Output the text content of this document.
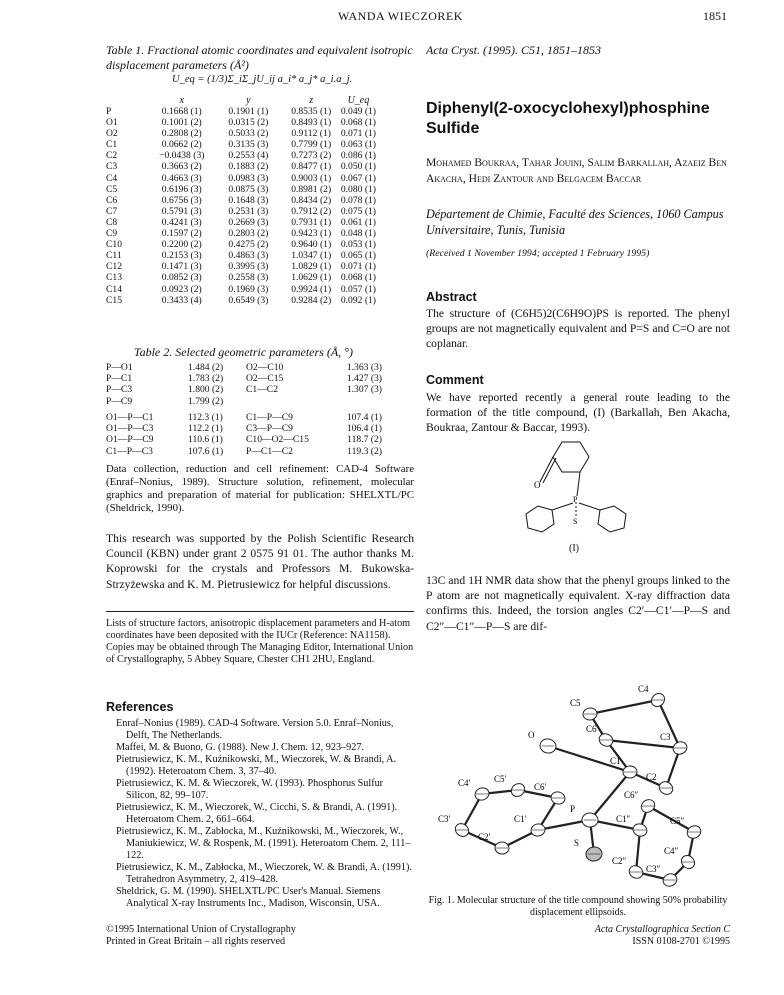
WANDA WIECZOREK	1851
Table 1. Fractional atomic coordinates and equivalent isotropic displacement parameters (Å²)
U_eq = (1/3)Σ_iΣ_jU_ij a_i* a_j* a_i.a_j.
	x	y	z	U_eq
P	0.1668 (1)	0.1901 (1)	0.8535 (1)	0.049 (1)
O1	0.1001 (2)	0.0315 (2)	0.8493 (1)	0.068 (1)
O2	0.2808 (2)	0.5033 (2)	0.9112 (1)	0.071 (1)
C1	0.0662 (2)	0.3135 (3)	0.7799 (1)	0.063 (1)
C2	−0.0438 (3)	0.2553 (4)	0.7273 (2)	0.086 (1)
C3	0.3663 (2)	0.1883 (2)	0.8477 (1)	0.050 (1)
C4	0.4663 (3)	0.0983 (3)	0.9003 (1)	0.067 (1)
C5	0.6196 (3)	0.0875 (3)	0.8981 (2)	0.080 (1)
C6	0.6756 (3)	0.1648 (3)	0.8434 (2)	0.078 (1)
C7	0.5791 (3)	0.2531 (3)	0.7912 (2)	0.075 (1)
C8	0.4241 (3)	0.2669 (3)	0.7931 (1)	0.061 (1)
C9	0.1597 (2)	0.2803 (2)	0.9423 (1)	0.048 (1)
C10	0.2200 (2)	0.4275 (2)	0.9640 (1)	0.053 (1)
C11	0.2153 (3)	0.4863 (3)	1.0347 (1)	0.065 (1)
C12	0.1471 (3)	0.3995 (3)	1.0829 (1)	0.071 (1)
C13	0.0852 (3)	0.2558 (3)	1.0629 (1)	0.068 (1)
C14	0.0923 (2)	0.1969 (3)	0.9924 (1)	0.057 (1)
C15	0.3433 (4)	0.6549 (3)	0.9284 (2)	0.092 (1)
Table 2. Selected geometric parameters (Å, °)
P—O1	1.484 (2)	O2—C10	1.363 (3)
P—C1	1.783 (2)	O2—C15	1.427 (3)
P—C3	1.800 (2)	C1—C2	1.307 (3)
P—C9	1.799 (2)		
O1—P—C1	112.3 (1)	C1—P—C9	107.4 (1)
O1—P—C3	112.2 (1)	C3—P—C9	106.4 (1)
O1—P—C9	110.6 (1)	C10—O2—C15	118.7 (2)
C1—P—C3	107.6 (1)	P—C1—C2	119.3 (2)
Data collection, reduction and cell refinement: CAD-4 Software (Enraf–Nonius, 1989). Structure solution, refinement, molecular graphics and preparation of material for publication: SHELXTL/PC (Sheldrick, 1990).
This research was supported by the Polish Scientific Research Council (KBN) under grant 2 0575 91 01. The author thanks M. Koprowski for the crystals and Professors M. Bukowska-Strzyżewska and K. M. Pietrusiewicz for helpful discussions.
Lists of structure factors, anisotropic displacement parameters and H-atom coordinates have been deposited with the IUCr (Reference: NA1158). Copies may be obtained through The Managing Editor, International Union of Crystallography, 5 Abbey Square, Chester CH1 2HU, England.
References

Enraf–Nonius (1989). CAD-4 Software. Version 5.0. Enraf–Nonius, Delft, The Netherlands.

Maffei, M. & Buono, G. (1988). New J. Chem. 12, 923–927.

Pietrusiewicz, K. M., Kuźnikowski, M., Wieczorek, W. & Brandi, A. (1992). Heteroatom Chem. 3, 37–40.

Pietrusiewicz, K. M. & Wieczorek, W. (1993). Phosphorus Sulfur Silicon, 82, 99–107.

Pietrusiewicz, K. M., Wieczorek, W., Cicchi, S. & Brandi, A. (1991). Heteroatom Chem. 2, 661–664.

Pietrusiewicz, K. M., Zabłocka, M., Kuźnikowski, M., Wieczorek, W., Maniukiewicz, W. & Rospenk, M. (1991). Heteroatom Chem. 2, 111–122.

Pietrusiewicz, K. M., Zabłocka, M., Wieczorek, W. & Brandi, A. (1991). Tetrahedron Asymmetry, 2, 419–428.

Sheldrick, G. M. (1990). SHELXTL/PC User's Manual. Siemens Analytical X-ray Instruments Inc., Madison, Wisconsin, USA.

©1995 International Union of Crystallography
Printed in Great Britain – all rights reserved
Acta Cryst. (1995). C51, 1851–1853
Diphenyl(2-oxocyclohexyl)phosphine Sulfide
Mohamed Boukraa, Tahar Jouini, Salim Barkallah, Azaeiz Ben Akacha, Hedi Zantour and Belgacem Baccar
Département de Chimie, Faculté des Sciences, 1060 Campus Universitaire, Tunis, Tunisia
(Received 1 November 1994; accepted 1 February 1995)
Abstract
The structure of (C6H5)2(C6H9O)PS is reported. The phenyl groups are not magnetically equivalent and P=S and C=O are not coplanar.
Comment
We have reported recently a general route leading to the formation of the title compound, (I) (Barkallah, Ben Akacha, Boukraa, Zantour & Baccar, 1993).
O
P
S
(I)
13C and 1H NMR data show that the phenyl groups linked to the P atom are not magnetically equivalent. X-ray diffraction data confirms this. Indeed, the torsion angles C2′—C1′—P—S and C2″—C1″—P—S are dif-
C4
C5
C6
C3
O
C5′
C1
C2
C4′	C6′
C6″
P
C3′	C1′	C1″	C5″
C2′
C4″
S
C2″
C3″
Fig. 1. Molecular structure of the title compound showing 50% probability displacement ellipsoids.
Acta Crystallographica Section C
ISSN 0108-2701 ©1995
